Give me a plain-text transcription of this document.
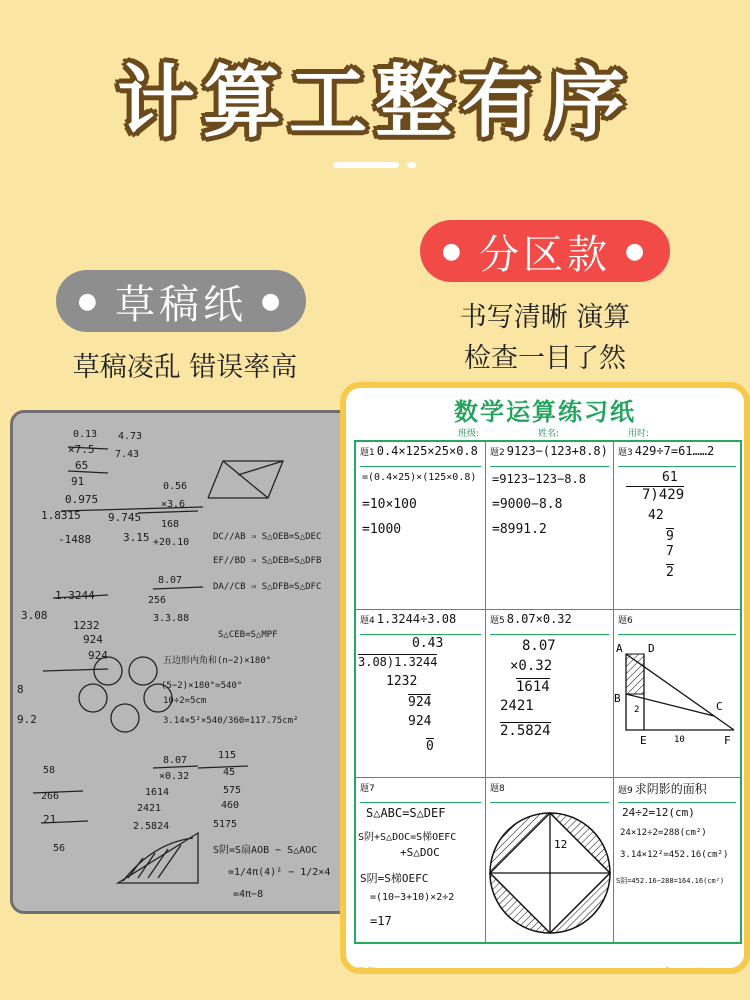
计算工整有序
● 草稿纸 ●
草稿凌乱 错误率高
● 分区款 ●
书写清晰 演算
检查一目了然
0.13
×7.5
65
91
0.975
4.73
7.43
1.8315 9.745
-1488	3.15
0.56
×3.6
168
+20.10
3.08
1.3244
1232
924
924
8.07
256
3.3.88
DC//AB ⇒ S△OEB=S△DEC
EF//BD ⇒ S△DEB=S△DFB
DA//CB ⇒ S△DFB=S△DFC
S△CEB=S△MPF
五边形内角和(n−2)×180°
(5−2)×180°=540°
10÷2=5cm
3.14×5²×540/360=117.75cm²
8.07
×0.32
1614
2421
2.5824
115
45
575
460
5175
8
9.2
58
266
21
56	S阴=S扇AOB − S△AOC
=1/4π(4)² − 1/2×4
=4π−8
数学运算练习纸
班级:	姓名:	用时:
题1 0.4×125×25×0.8
=(0.4×25)×(125×0.8)
=10×100
=1000
题2 9123−(123+8.8)
=9123−123−8.8
=9000−8.8
=8991.2
题3 429÷7=61……2
61
7)429
42
9
7
2
题4 1.3244÷3.08
0.43
3.08)1.3244
1232
924
924
0
题5 8.07×0.32
8.07
×0.32
1614
2421
2.5824
题6
A D
B
C
E	F
10
2
题7
S△ABC=S△DEF
S阴+S△DOC=S梯OEFC
+S△DOC
S阴=S梯OEFC
=(10−3+10)×2÷2
=17
题8
12
题9 求阴影的面积
24÷2=12(cm)
24×12÷2=288(cm²)
3.14×12²=452.16(cm²)
S阴=452.16−288=164.16(cm²)
品堂	年　　月
